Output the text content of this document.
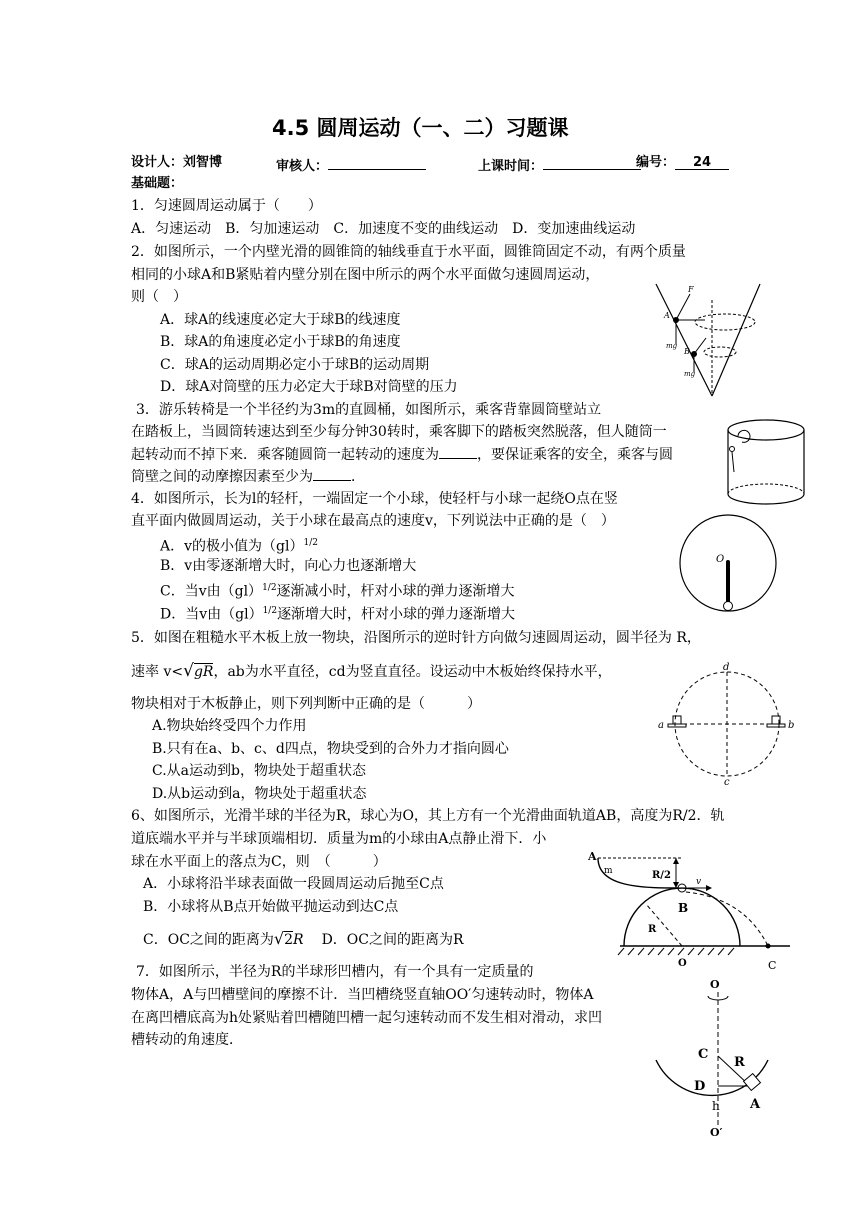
4.5 圆周运动（一、二）习题课
设计人：刘智博	审核人：	上课时间：	编号： 24
基础题：
1．匀速圆周运动属于（　　）
A．匀速运动　B．匀加速运动　C．加速度不变的曲线运动　D．变加速曲线运动
2．如图所示，一个内壁光滑的圆锥筒的轴线垂直于水平面，圆锥筒固定不动，有两个质量
相同的小球A和B紧贴着内壁分别在图中所示的两个水平面做匀速圆周运动，
则（　）
A．球A的线速度必定大于球B的线速度
B．球A的角速度必定小于球B的角速度
C．球A的运动周期必定小于球B的运动周期
D．球A对筒壁的压力必定大于球B对筒壁的压力
3．游乐转椅是一个半径约为3m的直圆桶，如图所示，乘客背靠圆筒壁站立
在踏板上，当圆筒转速达到至少每分钟30转时，乘客脚下的踏板突然脱落，但人随筒一
起转动而不掉下来．乘客随圆筒一起转动的速度为	，要保证乘客的安全，乘客与圆
筒壁之间的动摩擦因素至少为	．
4．如图所示，长为l的轻杆，一端固定一个小球，使轻杆与小球一起绕O点在竖
直平面内做圆周运动，关于小球在最高点的速度v，下列说法中正确的是（　）
A．v的极小值为（gl）$^{1/2}$
B．v由零逐渐增大时，向心力也逐渐增大
C．当v由（gl）$^{1/2}$逐渐减小时，杆对小球的弹力逐渐增大
D．当v由（gl）$^{1/2}$逐渐增大时，杆对小球的弹力逐渐增大
5．如图在粗糙水平木板上放一物块，沿图所示的逆时针方向做匀速圆周运动，圆半径为 R，
速率 v<√gR，ab为水平直径，cd为竖直直径。设运动中木板始终保持水平，
物块相对于木板静止，则下列判断中正确的是（　　　）
A.物块始终受四个力作用
B.只有在a、b、c、d四点，物块受到的合外力才指向圆心
C.从a运动到b，物块处于超重状态
D.从b运动到a，物块处于超重状态
6、如图所示，光滑半球的半径为R，球心为O，其上方有一个光滑曲面轨道AB，高度为R/2．轨
道底端水平并与半球顶端相切．质量为m的小球由A点静止滑下．小
球在水平面上的落点为C，则　（　　　）
A．小球将沿半球表面做一段圆周运动后抛至C点
B．小球将从B点开始做平抛运动到达C点
C．OC之间的距离为√2R D．OC之间的距离为R
7．如图所示，半径为R的半球形凹槽内，有一个具有一定质量的
物体A，A与凹槽壁间的摩擦不计．当凹槽绕竖直轴OO′匀速转动时，物体A
在离凹槽底高为h处紧贴着凹槽随凹槽一起匀速转动而不发生相对滑动，求凹
槽转动的角速度．
F
A
mg
B
mg
O
d
a	b
c
A
m	R/2
v
B
R
O	C
O
C
R
D
h A
O′
